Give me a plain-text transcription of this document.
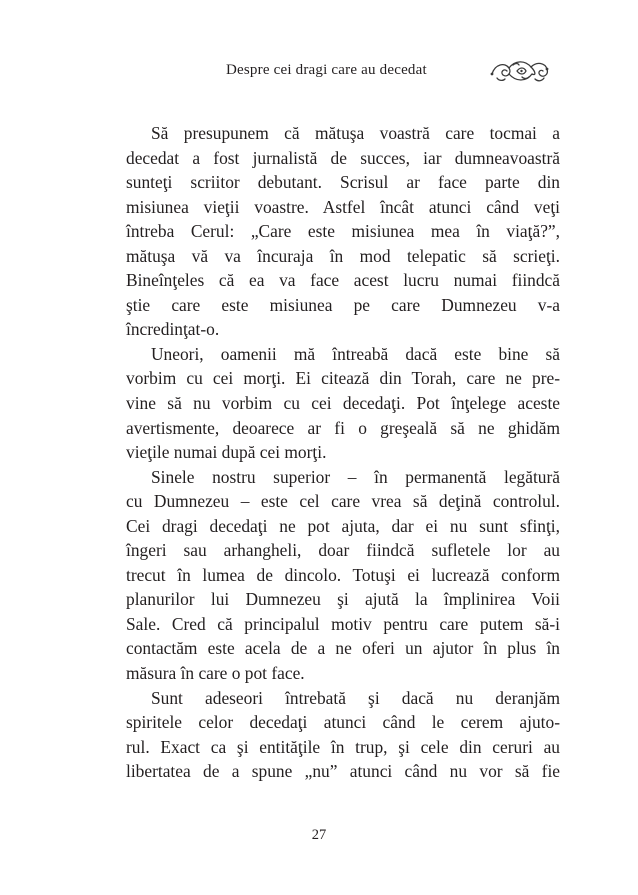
Despre cei dragi care au decedat
Să presupunem că mătuşa voastră care tocmai a
decedat a fost jurnalistă de succes, iar dumneavoastră
sunteţi scriitor debutant. Scrisul ar face parte din
misiunea vieţii voastre. Astfel încât atunci când veţi
întreba Cerul: „Care este misiunea mea în viaţă?”,
mătuşa vă va încuraja în mod telepatic să scrieţi.
Bineînţeles că ea va face acest lucru numai fiindcă
ştie care este misiunea pe care Dumnezeu v-a
încredinţat-o.
Uneori, oamenii mă întreabă dacă este bine să
vorbim cu cei morţi. Ei citează din Torah, care ne pre-
vine să nu vorbim cu cei decedaţi. Pot înţelege aceste
avertismente, deoarece ar fi o greşeală să ne ghidăm
vieţile numai după cei morţi.
Sinele nostru superior – în permanentă legătură
cu Dumnezeu – este cel care vrea să deţină controlul.
Cei dragi decedaţi ne pot ajuta, dar ei nu sunt sfinţi,
îngeri sau arhangheli, doar fiindcă sufletele lor au
trecut în lumea de dincolo. Totuşi ei lucrează conform
planurilor lui Dumnezeu şi ajută la împlinirea Voii
Sale. Cred că principalul motiv pentru care putem să-i
contactăm este acela de a ne oferi un ajutor în plus în
măsura în care o pot face.
Sunt adeseori întrebată şi dacă nu deranjăm
spiritele celor decedaţi atunci când le cerem ajuto-
rul. Exact ca şi entităţile în trup, şi cele din ceruri au
libertatea de a spune „nu” atunci când nu vor să fie
27
